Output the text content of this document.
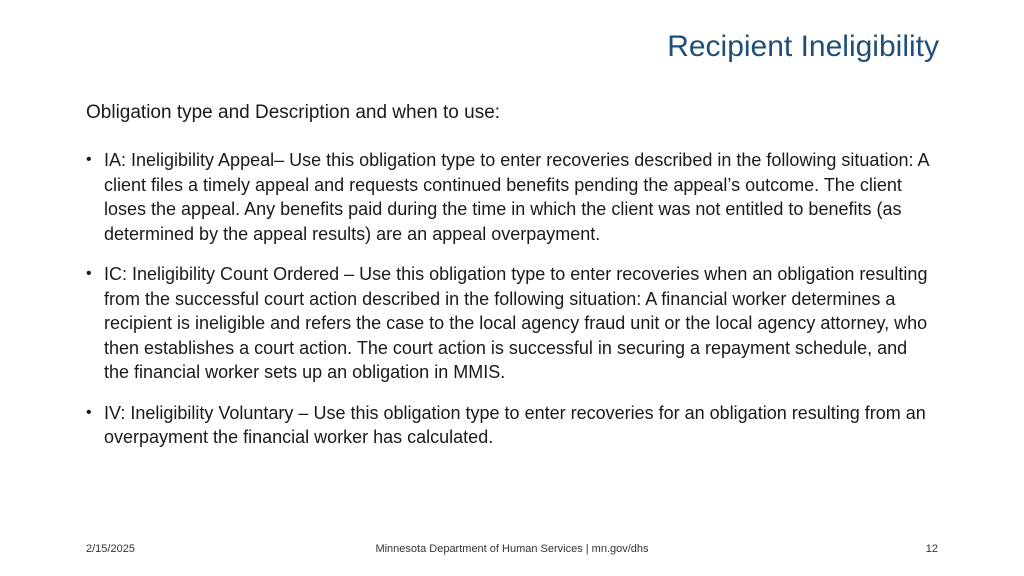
Recipient Ineligibility

Obligation type and Description and when to use:

• IA: Ineligibility Appeal– Use this obligation type to enter recoveries described in the following situation: A client files a timely appeal and requests continued benefits pending the appeal’s outcome. The client loses the appeal. Any benefits paid during the time in which the client was not entitled to benefits (as determined by the appeal results) are an appeal overpayment.
• IC: Ineligibility Count Ordered – Use this obligation type to enter recoveries when an obligation resulting from the successful court action described in the following situation: A financial worker determines a recipient is ineligible and refers the case to the local agency fraud unit or the local agency attorney, who then establishes a court action. The court action is successful in securing a repayment schedule, and the financial worker sets up an obligation in MMIS.
• IV: Ineligibility Voluntary – Use this obligation type to enter recoveries for an obligation resulting from an overpayment the financial worker has calculated.
2/15/2025	Minnesota Department of Human Services | mn.gov/dhs	12
